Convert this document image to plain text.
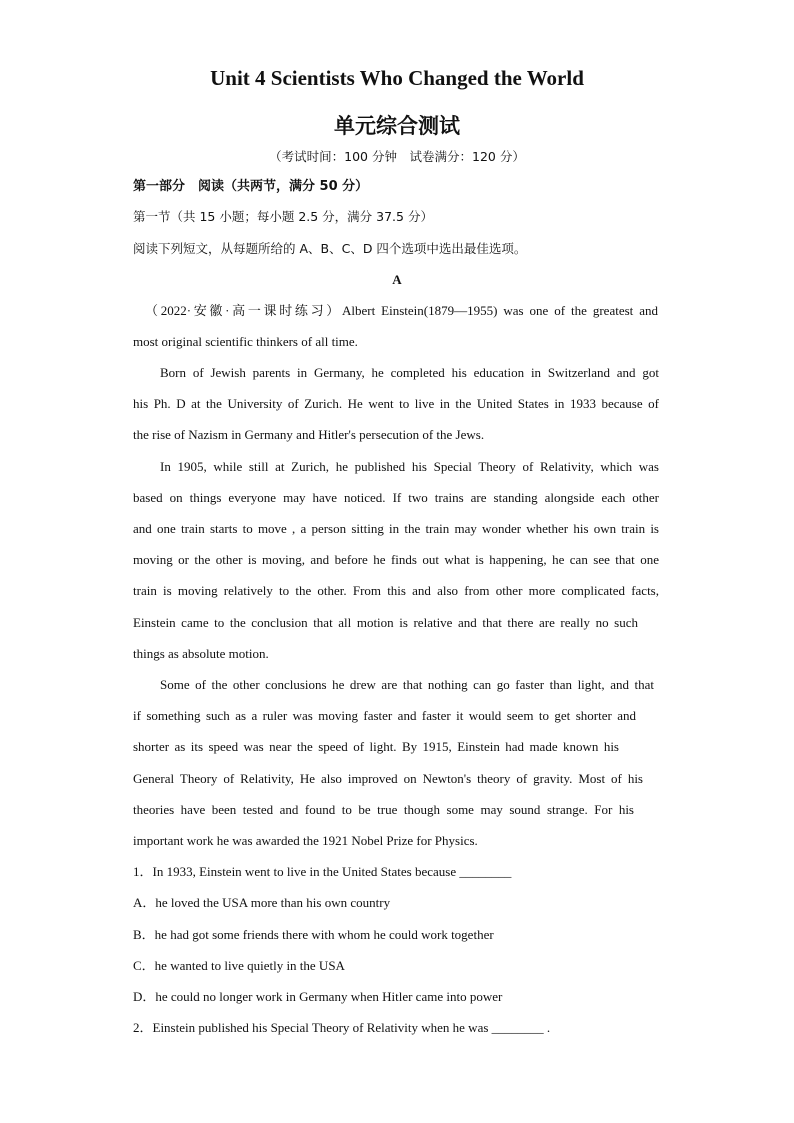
Unit 4 Scientists Who Changed the World
单元综合测试
（考试时间：100 分钟　试卷满分：120 分）
第一部分　阅读（共两节，满分 50 分）
第一节（共 15 小题；每小题 2.5 分，满分 37.5 分）
阅读下列短文，从每题所给的 A、B、C、D 四个选项中选出最佳选项。
A
（2022·安徽·高一课时练习）Albert Einstein(1879—1955) was one of the greatest and
most original scientific thinkers of all time.
Born of Jewish parents in Germany, he completed his education in Switzerland and got
his Ph. D at the University of Zurich. He went to live in the United States in 1933 because of
the rise of Nazism in Germany and Hitler's persecution of the Jews.
In 1905, while still at Zurich, he published his Special Theory of Relativity, which was
based on things everyone may have noticed. If two trains are standing alongside each other
and one train starts to move , a person sitting in the train may wonder whether his own train is
moving or the other is moving, and before he finds out what is happening, he can see that one
train is moving relatively to the other. From this and also from other more complicated facts,
Einstein came to the conclusion that all motion is relative and that there are really no such
things as absolute motion.
Some of the other conclusions he drew are that nothing can go faster than light, and that
if something such as a ruler was moving faster and faster it would seem to get shorter and
shorter as its speed was near the speed of light. By 1915, Einstein had made known his
General Theory of Relativity, He also improved on Newton's theory of gravity. Most of his
theories have been tested and found to be true though some may sound strange. For his
important work he was awarded the 1921 Nobel Prize for Physics.
1．In 1933, Einstein went to live in the United States because ________
A．he loved the USA more than his own country
B．he had got some friends there with whom he could work together
C．he wanted to live quietly in the USA
D．he could no longer work in Germany when Hitler came into power
2．Einstein published his Special Theory of Relativity when he was ________ .
